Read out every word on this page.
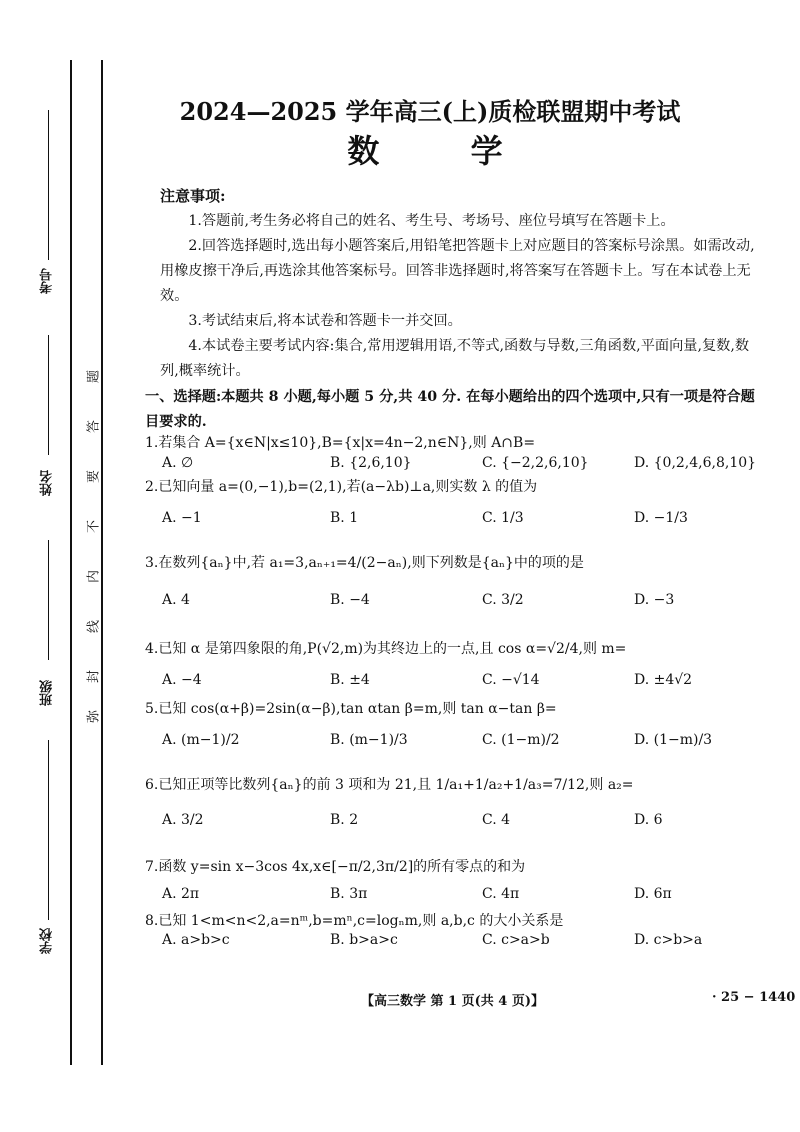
考号
姓名
班级
学校
题
答
要
不
内
线
封
弥
2024—2025 学年高三(上)质检联盟期中考试
数 学
注意事项:

1.答题前,考生务必将自己的姓名、考生号、考场号、座位号填写在答题卡上。

2.回答选择题时,选出每小题答案后,用铅笔把答题卡上对应题目的答案标号涂黑。如需改动,用橡皮擦干净后,再选涂其他答案标号。回答非选择题时,将答案写在答题卡上。写在本试卷上无效。

3.考试结束后,将本试卷和答题卡一并交回。

4.本试卷主要考试内容:集合,常用逻辑用语,不等式,函数与导数,三角函数,平面向量,复数,数列,概率统计。

一、选择题:本题共 8 小题,每小题 5 分,共 40 分. 在每小题给出的四个选项中,只有一项是符合题目要求的.
1.若集合 A={x∈N|x≤10},B={x|x=4n−2,n∈N},则 A∩B=
A. ∅	B. {2,6,10}	C. {−2,2,6,10}	D. {0,2,4,6,8,10}
2.已知向量 a=(0,−1),b=(2,1),若(a−λb)⊥a,则实数 λ 的值为
A. −1	B. 1	C. 1/3	D. −1/3
3.在数列{aₙ}中,若 a₁=3,aₙ₊₁=4/(2−aₙ),则下列数是{aₙ}中的项的是
A. 4	B. −4	C. 3/2	D. −3
4.已知 α 是第四象限的角,P(√2,m)为其终边上的一点,且 cos α=√2/4,则 m=
A. −4	B. ±4	C. −√14	D. ±4√2
5.已知 cos(α+β)=2sin(α−β),tan αtan β=m,则 tan α−tan β=
A. (m−1)/2	B. (m−1)/3	C. (1−m)/2	D. (1−m)/3
6.已知正项等比数列{aₙ}的前 3 项和为 21,且 1/a₁+1/a₂+1/a₃=7/12,则 a₂=
A. 3/2	B. 2	C. 4	D. 6
7.函数 y=sin x−3cos 4x,x∈[−π/2,3π/2]的所有零点的和为
A. 2π	B. 3π	C. 4π	D. 6π
8.已知 1<m<n<2,a=nᵐ,b=mⁿ,c=logₙm,则 a,b,c 的大小关系是
A. a>b>c	B. b>a>c	C. c>a>b	D. c>b>a
【高三数学 第 1 页(共 4 页)】	· 25 − 1440
